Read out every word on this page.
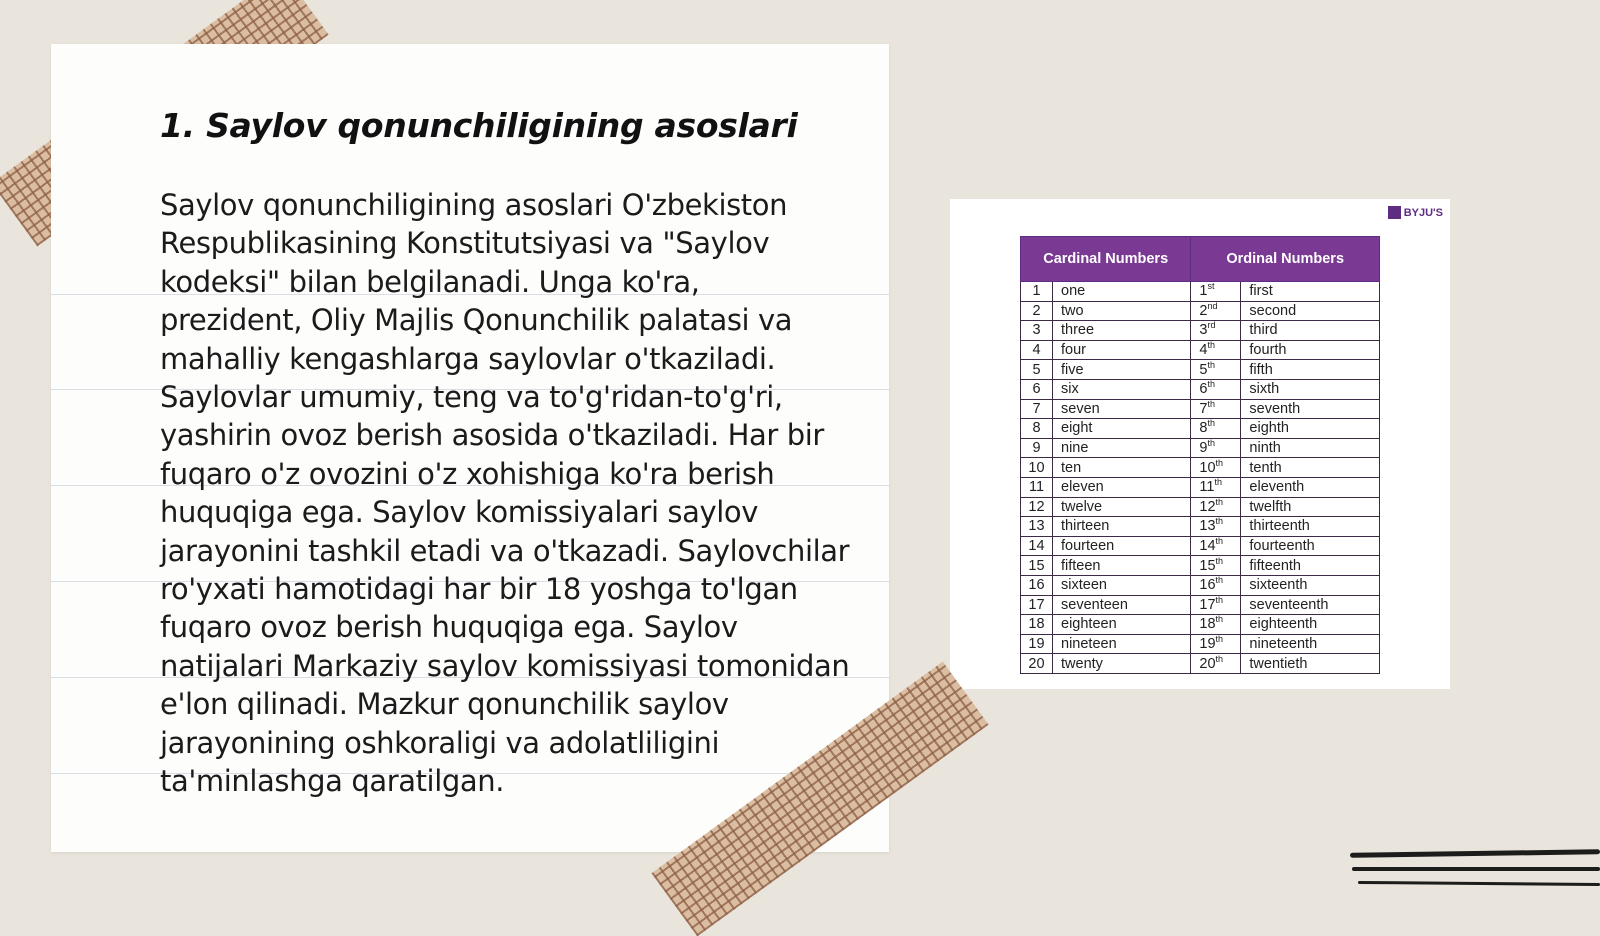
1. Saylov qonunchiligining asoslari

Saylov qonunchiligining asoslari O'zbekiston Respublikasining Konstitutsiyasi va "Saylov kodeksi" bilan belgilanadi. Unga ko'ra, prezident, Oliy Majlis Qonunchilik palatasi va mahalliy kengashlarga saylovlar o'tkaziladi. Saylovlar umumiy, teng va to'g'ridan-to'g'ri, yashirin ovoz berish asosida o'tkaziladi. Har bir fuqaro o'z ovozini o'z xohishiga ko'ra berish huquqiga ega. Saylov komissiyalari saylov jarayonini tashkil etadi va o'tkazadi. Saylovchilar ro'yxati hamotidagi har bir 18 yoshga to'lgan fuqaro ovoz berish huquqiga ega. Saylov natijalari Markaziy saylov komissiyasi tomonidan e'lon qilinadi. Mazkur qonunchilik saylov jarayonining oshkoraligi va adolatliligini ta'minlashga qaratilgan.

BYJU'S
Cardinal Numbers		Ordinal Numbers	
1	one	1st	first
2	two	2nd	second
3	three	3rd	third
4	four	4th	fourth
5	five	5th	fifth
6	six	6th	sixth
7	seven	7th	seventh
8	eight	8th	eighth
9	nine	9th	ninth
10	ten	10th	tenth
11	eleven	11th	eleventh
12	twelve	12th	twelfth
13	thirteen	13th	thirteenth
14	fourteen	14th	fourteenth
15	fifteen	15th	fifteenth
16	sixteen	16th	sixteenth
17	seventeen	17th	seventeenth
18	eighteen	18th	eighteenth
19	nineteen	19th	nineteenth
20	twenty	20th	twentieth
